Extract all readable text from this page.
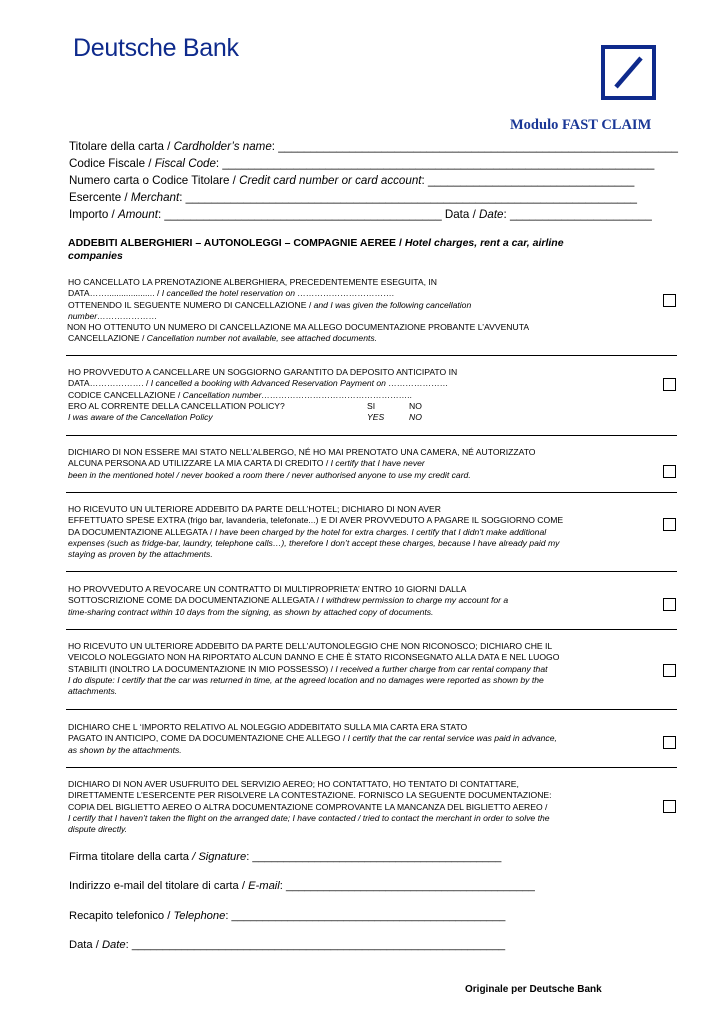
Deutsche Bank
Modulo FAST CLAIM
Titolare della carta / Cardholder’s name: ______________________________________________________________
Codice Fiscale / Fiscal Code: ___________________________________________________________________
Numero carta o Codice Titolare / Credit card number or card account: ________________________________
Esercente / Merchant: ______________________________________________________________________
Importo / Amount: ___________________________________________ Data / Date: ______________________
ADDEBITI ALBERGHIERI – AUTONOLEGGI – COMPAGNIE AEREE / Hotel charges, rent a car, airline companies
HO CANCELLATO LA PRENOTAZIONE ALBERGHIERA, PRECEDENTEMENTE ESEGUITA, IN
DATA…….................... / I cancelled the hotel reservation on …………………………….
OTTENENDO IL SEGUENTE NUMERO DI CANCELLAZIONE / and I was given the following cancellation
number…………………
NON HO OTTENUTO UN NUMERO DI CANCELLAZIONE MA ALLEGO DOCUMENTAZIONE PROBANTE L’AVVENUTA
CANCELLAZIONE / Cancellation number not available, see attached documents.
HO PROVVEDUTO A CANCELLARE UN SOGGIORNO GARANTITO DA DEPOSITO ANTICIPATO IN
DATA………………. / I cancelled a booking with Advanced Reservation Payment on …………………
CODICE CANCELLAZIONE / Cancellation number……………………………………………..
ERO AL CORRENTE DELLA CANCELLATION POLICY?	SI	NO
I was aware of the Cancellation Policy	YES	NO
DICHIARO DI NON ESSERE MAI STATO NELL’ALBERGO, NÉ HO MAI PRENOTATO UNA CAMERA, NÉ AUTORIZZATO
ALCUNA PERSONA AD UTILIZZARE LA MIA CARTA DI CREDITO / I certify that I have never
been in the mentioned hotel / never booked a room there / never authorised anyone to use my credit card.
HO RICEVUTO UN ULTERIORE ADDEBITO DA PARTE DELL’HOTEL; DICHIARO DI NON AVER
EFFETTUATO SPESE EXTRA (frigo bar, lavanderia, telefonate...) E DI AVER PROVVEDUTO A PAGARE IL SOGGIORNO COME
DA DOCUMENTAZIONE ALLEGATA / I have been charged by the hotel for extra charges. I certify that I didn’t make additional
expenses (such as fridge-bar, laundry, telephone calls…), therefore I don’t accept these charges, because I have already paid my
staying as proven by the attachments.
HO PROVVEDUTO A REVOCARE UN CONTRATTO DI MULTIPROPRIETA’ ENTRO 10 GIORNI DALLA
SOTTOSCRIZIONE COME DA DOCUMENTAZIONE ALLEGATA / I withdrew permission to charge my account for a
time-sharing contract within 10 days from the signing, as shown by attached copy of documents.
HO RICEVUTO UN ULTERIORE ADDEBITO DA PARTE DELL’AUTONOLEGGIO CHE NON RICONOSCO; DICHIARO CHE IL
VEICOLO NOLEGGIATO NON HA RIPORTATO ALCUN DANNO E CHE È STATO RICONSEGNATO ALLA DATA E NEL LUOGO
STABILITI (INOLTRO LA DOCUMENTAZIONE IN MIO POSSESSO) / I received a further charge from car rental company that
I do dispute: I certify that the car was returned in time, at the agreed location and no damages were reported as shown by the
attachments.
DICHIARO CHE L ‘IMPORTO RELATIVO AL NOLEGGIO ADDEBITATO SULLA MIA CARTA ERA STATO
PAGATO IN ANTICIPO, COME DA DOCUMENTAZIONE CHE ALLEGO / I certify that the car rental service was paid in advance,
as shown by the attachments.
DICHIARO DI NON AVER USUFRUITO DEL SERVIZIO AEREO; HO CONTATTATO, HO TENTATO DI CONTATTARE,
DIRETTAMENTE L’ESERCENTE PER RISOLVERE LA CONTESTAZIONE. FORNISCO LA SEGUENTE DOCUMENTAZIONE:
COPIA DEL BIGLIETTO AEREO O ALTRA DOCUMENTAZIONE COMPROVANTE LA MANCANZA DEL BIGLIETTO AEREO /
I certify that I haven’t taken the flight on the arranged date; I have contacted / tried to contact the merchant in order to solve the
dispute directly.
Firma titolare della carta / Signature: ________________________________________
Indirizzo e-mail del titolare di carta / E-mail: ________________________________________
Recapito telefonico / Telephone: ____________________________________________
Data / Date: ____________________________________________________________
Originale per Deutsche Bank
